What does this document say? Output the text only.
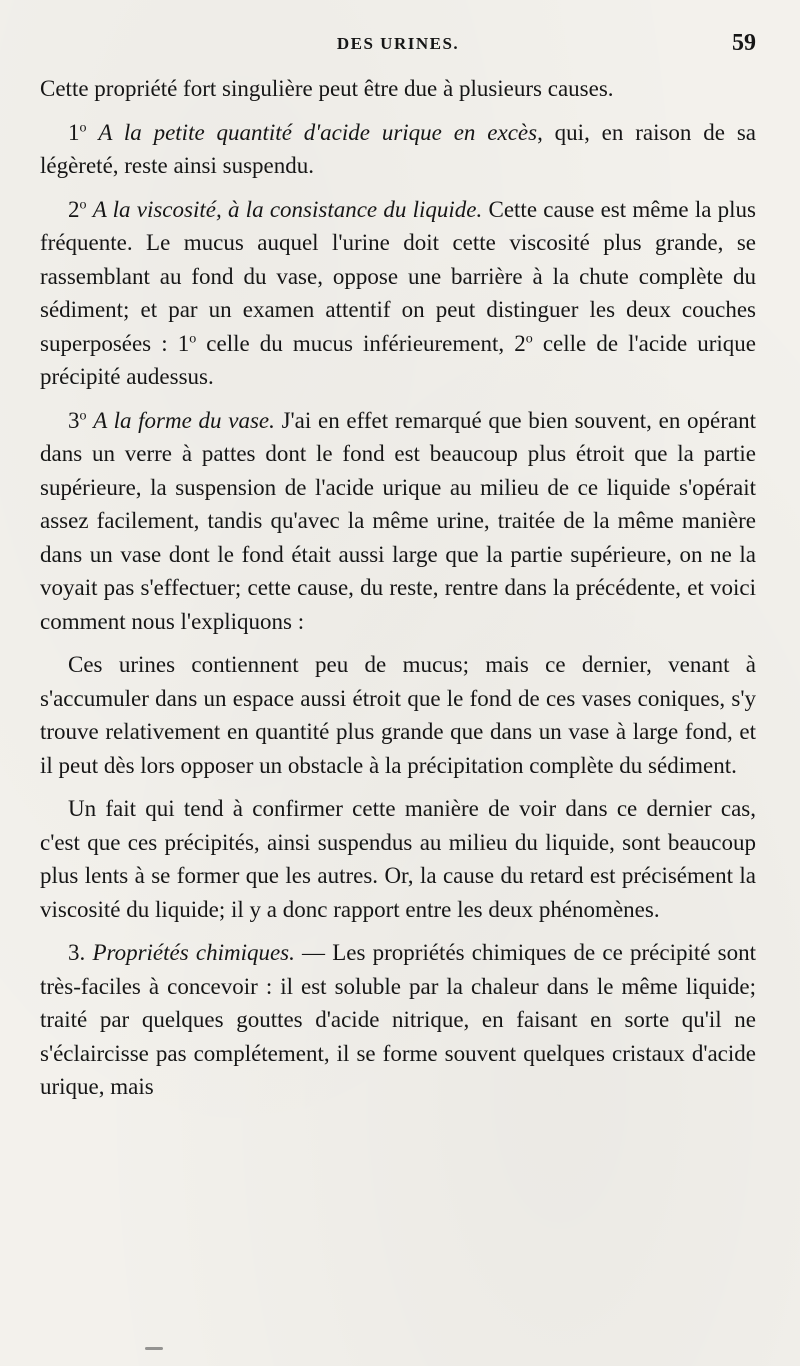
DES URINES.	59

Cette propriété fort singulière peut être due à plusieurs causes.

1$^o$ A la petite quantité d'acide urique en excès, qui, en raison de sa légèreté, reste ainsi suspendu.

2$^o$ A la viscosité, à la consistance du liquide. Cette cause est même la plus fréquente. Le mucus auquel l'urine doit cette viscosité plus grande, se rassemblant au fond du vase, oppose une barrière à la chute complète du sédiment; et par un examen attentif on peut distinguer les deux couches superposées : 1$^o$ celle du mucus inférieurement, 2$^o$ celle de l'acide urique précipité audessus.

3$^o$ A la forme du vase. J'ai en effet remarqué que bien souvent, en opérant dans un verre à pattes dont le fond est beaucoup plus étroit que la partie supérieure, la suspension de l'acide urique au milieu de ce liquide s'opérait assez facilement, tandis qu'avec la même urine, traitée de la même manière dans un vase dont le fond était aussi large que la partie supérieure, on ne la voyait pas s'effectuer; cette cause, du reste, rentre dans la précédente, et voici comment nous l'expliquons :

Ces urines contiennent peu de mucus; mais ce dernier, venant à s'accumuler dans un espace aussi étroit que le fond de ces vases coniques, s'y trouve relativement en quantité plus grande que dans un vase à large fond, et il peut dès lors opposer un obstacle à la précipitation complète du sédiment.

Un fait qui tend à confirmer cette manière de voir dans ce dernier cas, c'est que ces précipités, ainsi suspendus au milieu du liquide, sont beaucoup plus lents à se former que les autres. Or, la cause du retard est précisément la viscosité du liquide; il y a donc rapport entre les deux phénomènes.

3. Propriétés chimiques. — Les propriétés chimiques de ce précipité sont très-faciles à concevoir : il est soluble par la chaleur dans le même liquide; traité par quelques gouttes d'acide nitrique, en faisant en sorte qu'il ne s'éclaircisse pas complétement, il se forme souvent quelques cristaux d'acide urique, mais
